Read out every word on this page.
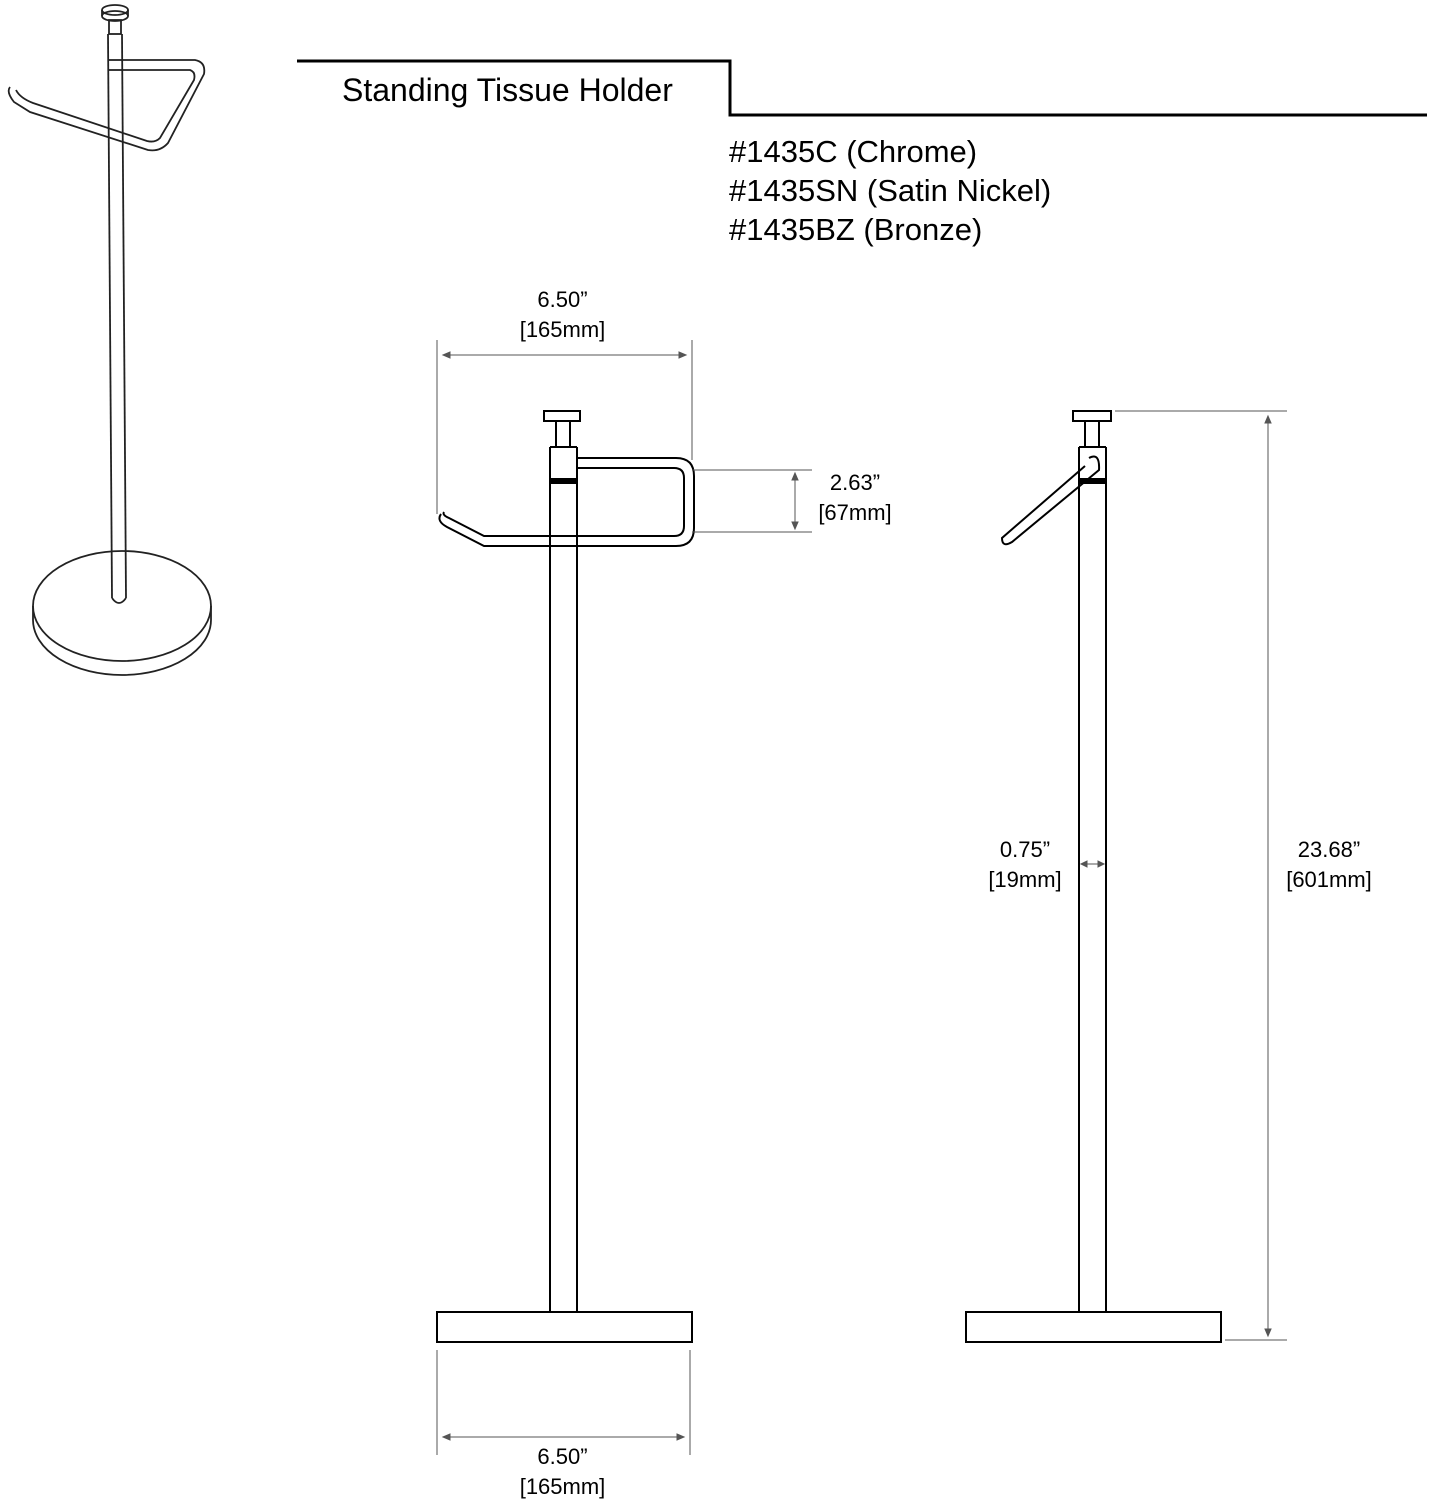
Standing Tissue Holder
#1435C (Chrome)
#1435SN (Satin Nickel)
#1435BZ (Bronze)
6.50”
[165mm]
2.63”
[67mm]
0.75”
[19mm]
23.68”
[601mm]
6.50”
[165mm]
